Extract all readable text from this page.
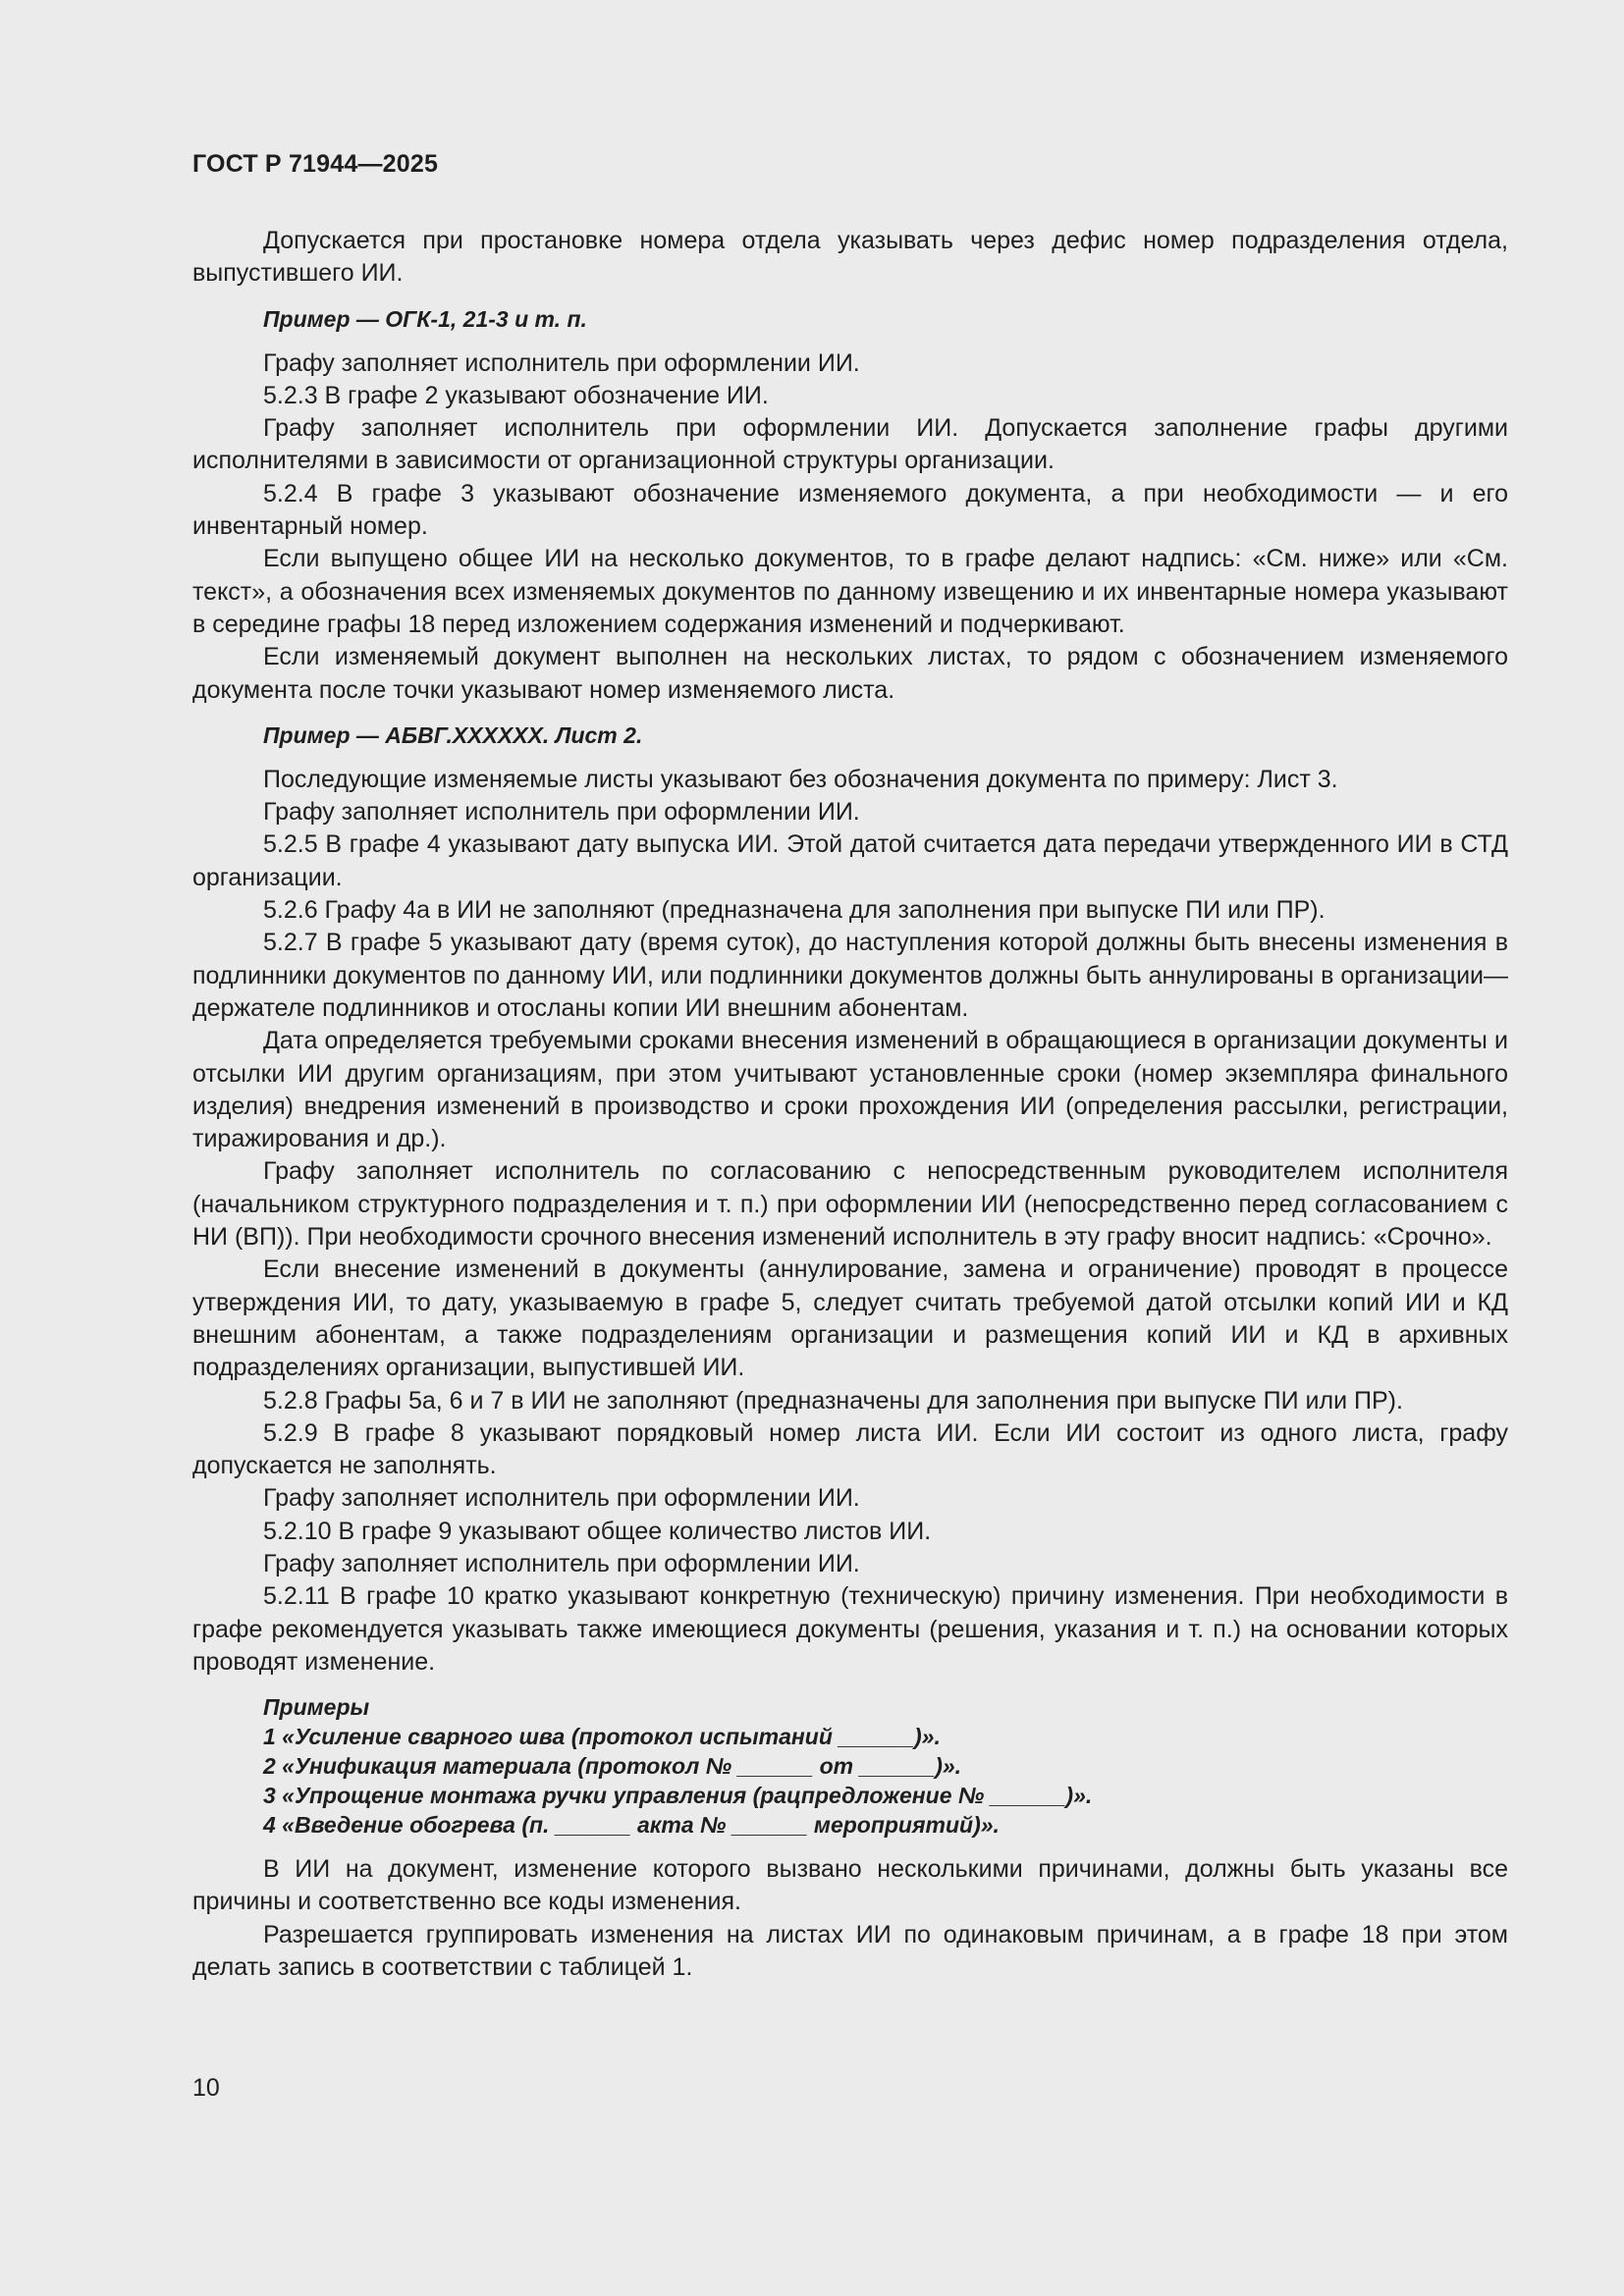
ГОСТ Р 71944—2025

Допускается при простановке номера отдела указывать через дефис номер подразделения отдела, выпустившего ИИ.

Пример — ОГК-1, 21-3 и т. п.

Графу заполняет исполнитель при оформлении ИИ.

5.2.3 В графе 2 указывают обозначение ИИ.

Графу заполняет исполнитель при оформлении ИИ. Допускается заполнение графы другими исполнителями в зависимости от организационной структуры организации.

5.2.4 В графе 3 указывают обозначение изменяемого документа, а при необходимости — и его инвентарный номер.

Если выпущено общее ИИ на несколько документов, то в графе делают надпись: «См. ниже» или «См. текст», а обозначения всех изменяемых документов по данному извещению и их инвентарные номера указывают в середине графы 18 перед изложением содержания изменений и подчеркивают.

Если изменяемый документ выполнен на нескольких листах, то рядом с обозначением изменяемого документа после точки указывают номер изменяемого листа.

Пример — АБВГ.XXXXXX. Лист 2.

Последующие изменяемые листы указывают без обозначения документа по примеру: Лист 3.

Графу заполняет исполнитель при оформлении ИИ.

5.2.5 В графе 4 указывают дату выпуска ИИ. Этой датой считается дата передачи утвержденного ИИ в СТД организации.

5.2.6 Графу 4а в ИИ не заполняют (предназначена для заполнения при выпуске ПИ или ПР).

5.2.7 В графе 5 указывают дату (время суток), до наступления которой должны быть внесены изменения в подлинники документов по данному ИИ, или подлинники документов должны быть аннулированы в организации—держателе подлинников и отосланы копии ИИ внешним абонентам.

Дата определяется требуемыми сроками внесения изменений в обращающиеся в организации документы и отсылки ИИ другим организациям, при этом учитывают установленные сроки (номер экземпляра финального изделия) внедрения изменений в производство и сроки прохождения ИИ (определения рассылки, регистрации, тиражирования и др.).

Графу заполняет исполнитель по согласованию с непосредственным руководителем исполнителя (начальником структурного подразделения и т. п.) при оформлении ИИ (непосредственно перед согласованием с НИ (ВП)). При необходимости срочного внесения изменений исполнитель в эту графу вносит надпись: «Срочно».

Если внесение изменений в документы (аннулирование, замена и ограничение) проводят в процессе утверждения ИИ, то дату, указываемую в графе 5, следует считать требуемой датой отсылки копий ИИ и КД внешним абонентам, а также подразделениям организации и размещения копий ИИ и КД в архивных подразделениях организации, выпустившей ИИ.

5.2.8 Графы 5а, 6 и 7 в ИИ не заполняют (предназначены для заполнения при выпуске ПИ или ПР).

5.2.9 В графе 8 указывают порядковый номер листа ИИ. Если ИИ состоит из одного листа, графу допускается не заполнять.

Графу заполняет исполнитель при оформлении ИИ.

5.2.10 В графе 9 указывают общее количество листов ИИ.

Графу заполняет исполнитель при оформлении ИИ.

5.2.11 В графе 10 кратко указывают конкретную (техническую) причину изменения. При необходимости в графе рекомендуется указывать также имеющиеся документы (решения, указания и т. п.) на основании которых проводят изменение.

Примеры

1 «Усиление сварного шва (протокол испытаний ______)».

2 «Унификация материала (протокол № ______ от ______)».

3 «Упрощение монтажа ручки управления (рацпредложение № ______)».

4 «Введение обогрева (п. ______ акта № ______ мероприятий)».

В ИИ на документ, изменение которого вызвано несколькими причинами, должны быть указаны все причины и соответственно все коды изменения.

Разрешается группировать изменения на листах ИИ по одинаковым причинам, а в графе 18 при этом делать запись в соответствии с таблицей 1.

10
